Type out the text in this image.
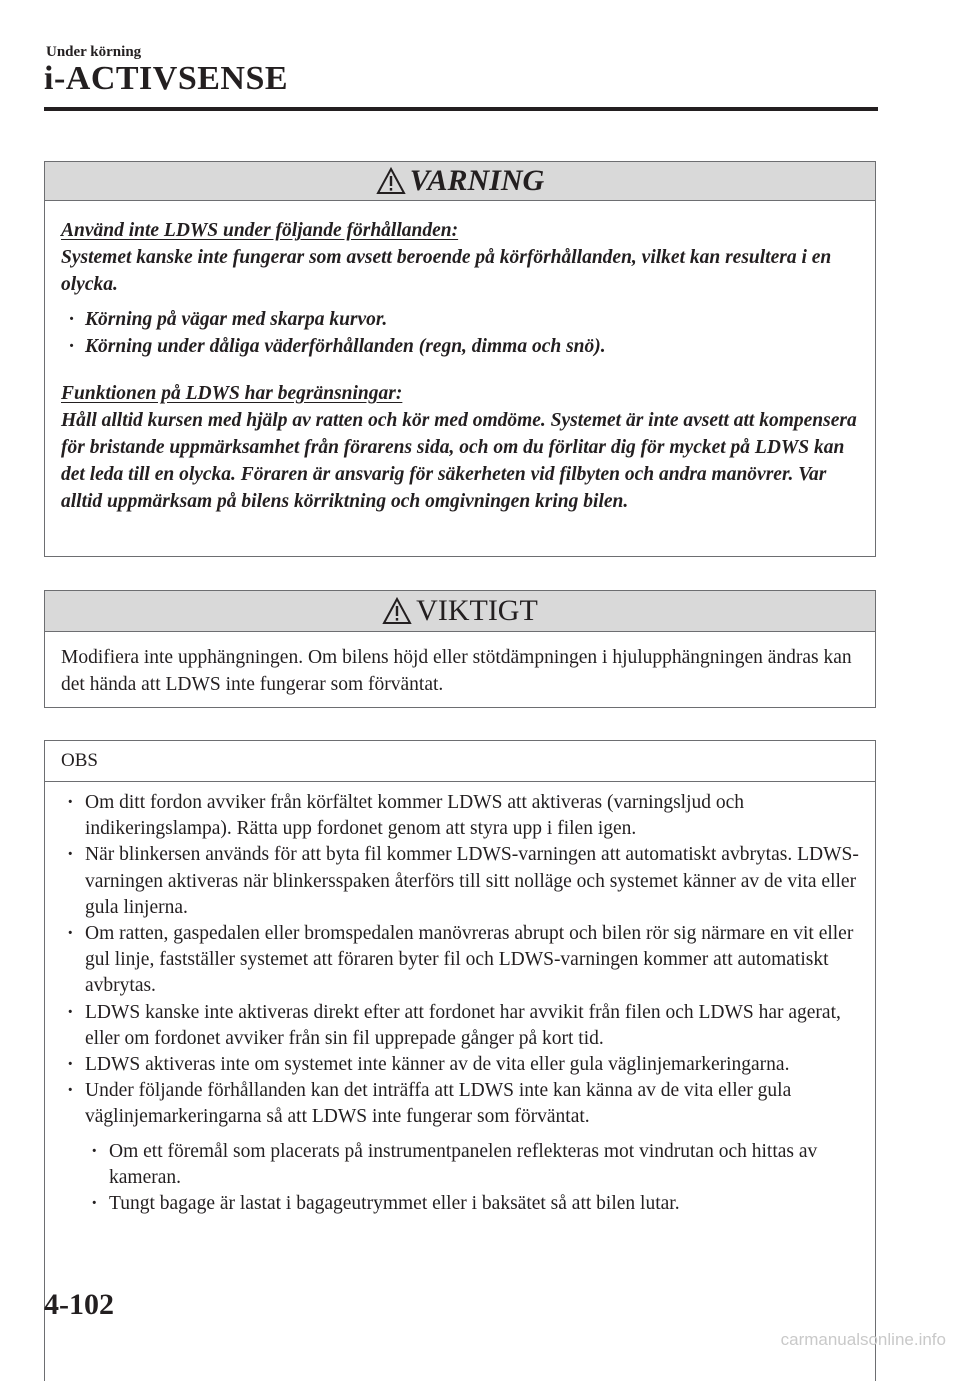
Under körning
i-ACTIVSENSE
VARNING
Använd inte LDWS under följande förhållanden:
Systemet kanske inte fungerar som avsett beroende på körförhållanden, vilket kan resultera i en olycka.
· Körning på vägar med skarpa kurvor.
· Körning under dåliga väderförhållanden (regn, dimma och snö).
Funktionen på LDWS har begränsningar:
Håll alltid kursen med hjälp av ratten och kör med omdöme. Systemet är inte avsett att kompensera för bristande uppmärksamhet från förarens sida, och om du förlitar dig för mycket på LDWS kan det leda till en olycka. Föraren är ansvarig för säkerheten vid filbyten och andra manövrer. Var alltid uppmärksam på bilens körriktning och omgivningen kring bilen.
VIKTIGT
Modifiera inte upphängningen. Om bilens höjd eller stötdämpningen i hjulupphängningen ändras kan det hända att LDWS inte fungerar som förväntat.
OBS
· Om ditt fordon avviker från körfältet kommer LDWS att aktiveras (varningsljud och indikeringslampa). Rätta upp fordonet genom att styra upp i filen igen.
· När blinkersen används för att byta fil kommer LDWS-varningen att automatiskt avbrytas. LDWS-varningen aktiveras när blinkersspaken återförs till sitt nolläge och systemet känner av de vita eller gula linjerna.
· Om ratten, gaspedalen eller bromspedalen manövreras abrupt och bilen rör sig närmare en vit eller gul linje, fastställer systemet att föraren byter fil och LDWS-varningen kommer att automatiskt avbrytas.
· LDWS kanske inte aktiveras direkt efter att fordonet har avvikit från filen och LDWS har agerat, eller om fordonet avviker från sin fil upprepade gånger på kort tid.
· LDWS aktiveras inte om systemet inte känner av de vita eller gula väglinjemarkeringarna.
· Under följande förhållanden kan det inträffa att LDWS inte kan känna av de vita eller gula väglinjemarkeringarna så att LDWS inte fungerar som förväntat.
· Om ett föremål som placerats på instrumentpanelen reflekteras mot vindrutan och hittas av kameran.
· Tungt bagage är lastat i bagageutrymmet eller i baksätet så att bilen lutar.
4-102
carmanualsonline.info
